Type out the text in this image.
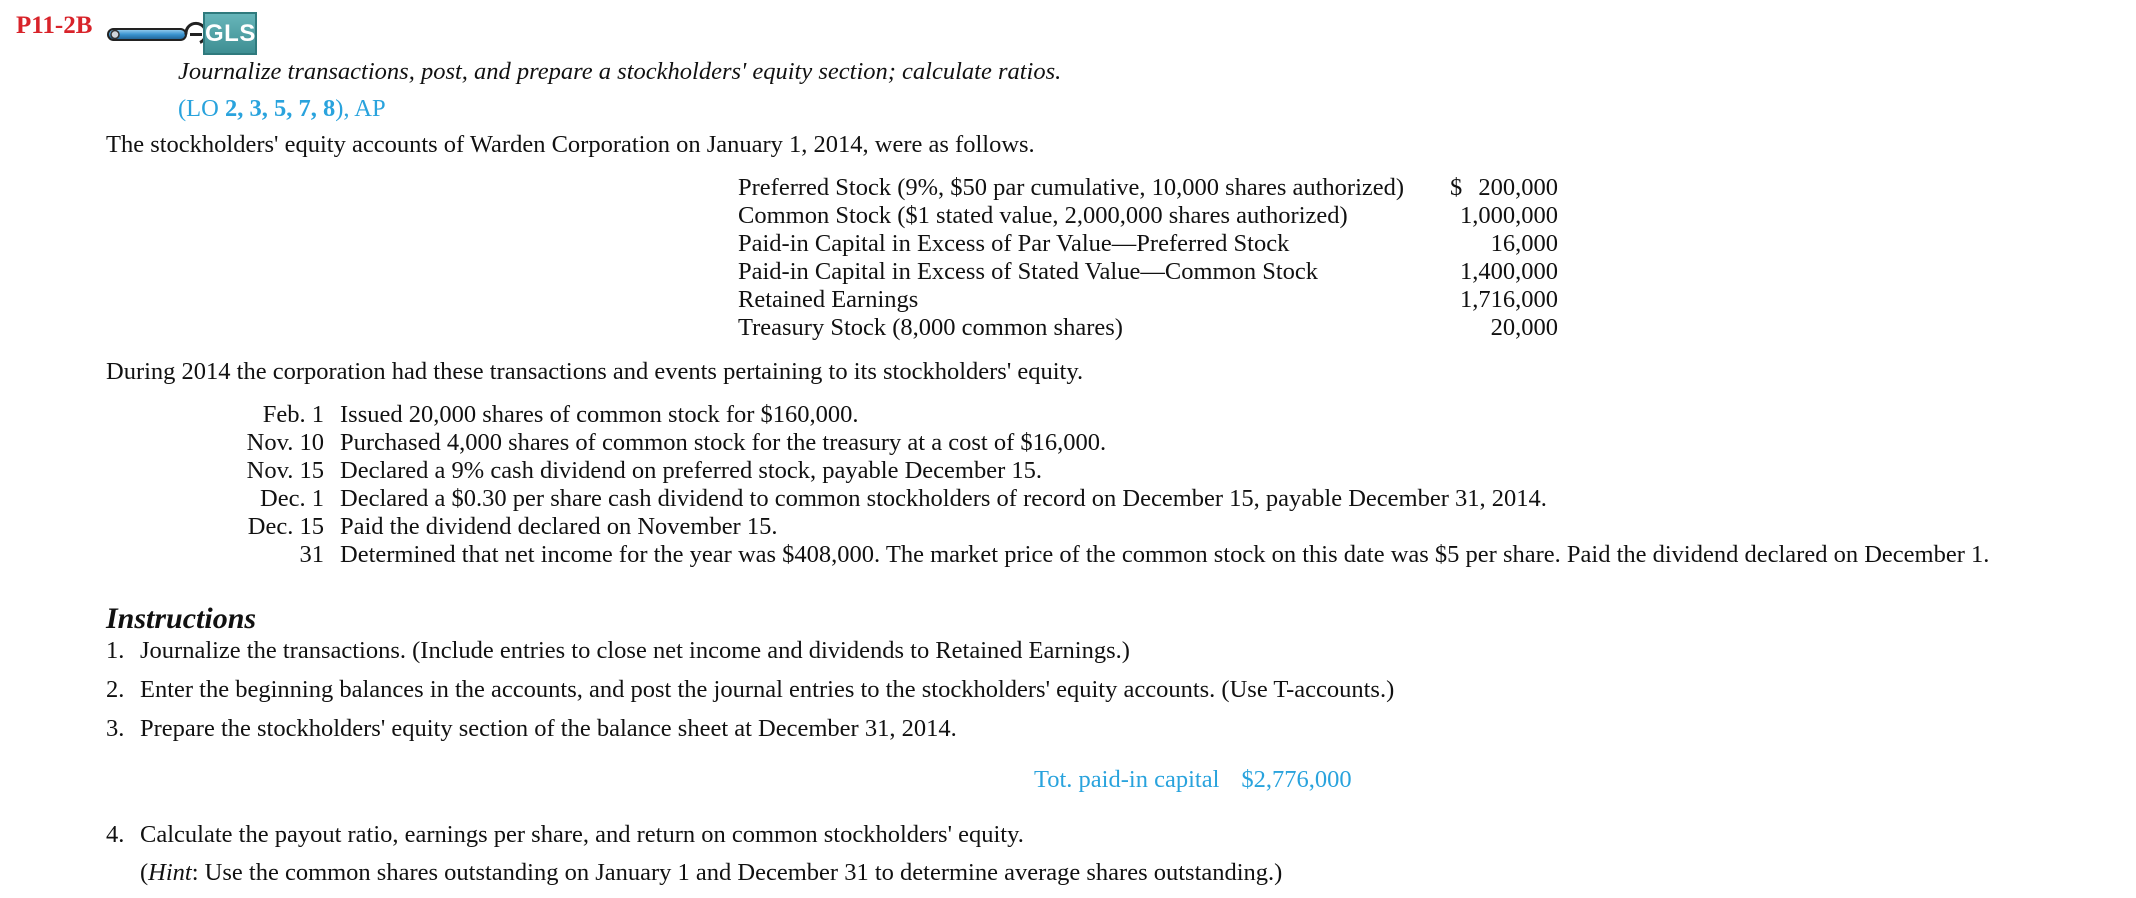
P11-2B	GLS
Journalize transactions, post, and prepare a stockholders' equity section; calculate ratios.
(LO 2, 3, 5, 7, 8), AP
The stockholders' equity accounts of Warden Corporation on January 1, 2014, were as follows.
Preferred Stock (9%, $50 par cumulative, 10,000 shares authorized) $ 200,000
Common Stock ($1 stated value, 2,000,000 shares authorized)	1,000,000
Paid-in Capital in Excess of Par Value—Preferred Stock	16,000
Paid-in Capital in Excess of Stated Value—Common Stock	1,400,000
Retained Earnings	1,716,000
Treasury Stock (8,000 common shares)	20,000
During 2014 the corporation had these transactions and events pertaining to its stockholders' equity.
Feb. 1 Issued 20,000 shares of common stock for $160,000.
Nov. 10 Purchased 4,000 shares of common stock for the treasury at a cost of $16,000.
Nov. 15 Declared a 9% cash dividend on preferred stock, payable December 15.
Dec. 1 Declared a $0.30 per share cash dividend to common stockholders of record on December 15, payable December 31, 2014.
Dec. 15 Paid the dividend declared on November 15.
31 Determined that net income for the year was $408,000. The market price of the common stock on this date was $5 per share. Paid the dividend declared on December 1.
Instructions
1. Journalize the transactions. (Include entries to close net income and dividends to Retained Earnings.)
2. Enter the beginning balances in the accounts, and post the journal entries to the stockholders' equity accounts. (Use T-accounts.)
3. Prepare the stockholders' equity section of the balance sheet at December 31, 2014.
Tot. paid-in capital $2,776,000
4. Calculate the payout ratio, earnings per share, and return on common stockholders' equity.
(Hint: Use the common shares outstanding on January 1 and December 31 to determine average shares outstanding.)
